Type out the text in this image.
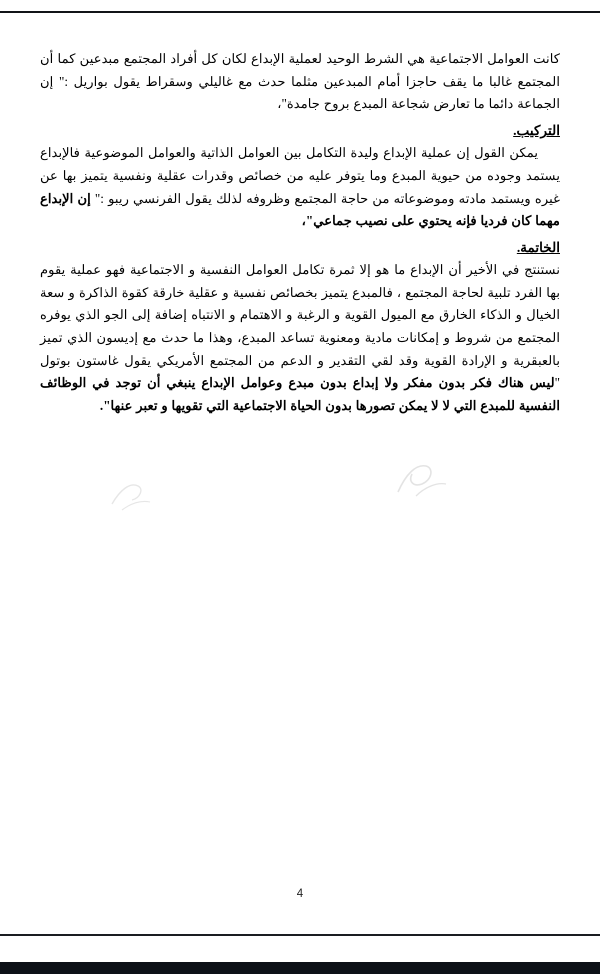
كانت العوامل الاجتماعية هي الشرط الوحيد لعملية الإبداع لكان كل أفراد المجتمع مبدعين كما أن المجتمع غالبا ما يقف حاجزا أمام المبدعين مثلما حدث مع غاليلي وسقراط يقول بواريل :" إن الجماعة دائما ما تعارض شجاعة المبدع بروح جامدة"،

التركيب.

يمكن القول إن عملية الإبداع وليدة التكامل بين العوامل الذاتية والعوامل الموضوعية فالإبداع يستمد وجوده من حيوية المبدع وما يتوفر عليه من خصائص وقدرات عقلية ونفسية يتميز بها عن غيره ويستمد مادته وموضوعاته من حاجة المجتمع وظروفه لذلك يقول الفرنسي ريبو :" إن الإبداع مهما كان فرديا فإنه يحتوي على نصيب جماعي"،

الخاتمة.

نستنتج في الأخير أن الإبداع ما هو إلا ثمرة تكامل العوامل النفسية و الاجتماعية فهو عملية يقوم بها الفرد تلبية لحاجة المجتمع ، فالمبدع يتميز بخصائص نفسية و عقلية خارقة كقوة الذاكرة و سعة الخيال و الذكاء الخارق مع الميول القوية و الرغبة و الاهتمام و الانتباه إضافة إلى الجو الذي يوفره المجتمع من شروط و إمكانات مادية ومعنوية تساعد المبدع، وهذا ما حدث مع إديسون الذي تميز بالعبقرية و الإرادة القوية وقد لقي التقدير و الدعم من المجتمع الأمريكي يقول غاستون بوتول "ليس هناك فكر بدون مفكر ولا إبداع بدون مبدع وعوامل الإبداع ينبغي أن توجد في الوظائف النفسية للمبدع التي لا لا يمكن تصورها بدون الحياة الاجتماعية التي تقويها و تعبر عنها".

4
